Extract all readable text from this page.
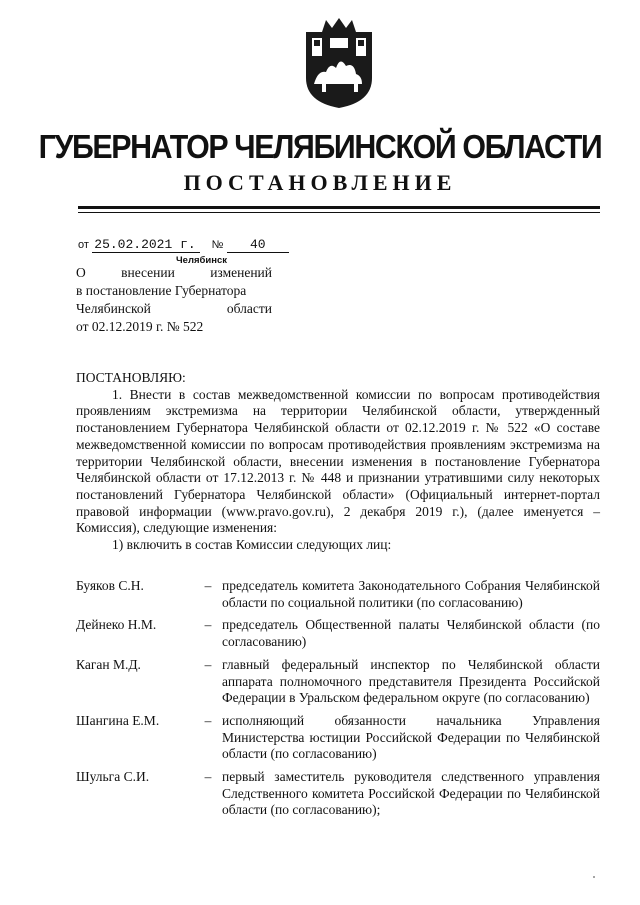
ГУБЕРНАТОР ЧЕЛЯБИНСКОЙ ОБЛАСТИ
ПОСТАНОВЛЕНИЕ
от 25.02.2021 г. № 40
Челябинск
О внесении изменений
в постановление Губернатора
Челябинской области
от 02.12.2019 г. № 522

ПОСТАНОВЛЯЮ:

1. Внести в состав межведомственной комиссии по вопросам противодействия проявлениям экстремизма на территории Челябинской области, утвержденный постановлением Губернатора Челябинской области от 02.12.2019 г. № 522 «О составе межведомственной комиссии по вопросам противодействия проявлениям экстремизма на территории Челябинской области, внесении изменения в постановление Губернатора Челябинской области от 17.12.2013 г. № 448 и признании утратившими силу некоторых постановлений Губернатора Челябинской области» (Официальный интернет-портал правовой информации (www.pravo.gov.ru), 2 декабря 2019 г.), (далее именуется – Комиссия), следующие изменения:

1) включить в состав Комиссии следующих лиц:

Буяков С.Н.	– председатель комитета Законодательного Собрания Челябинской области по социальной политики (по согласованию)
Дейнеко Н.М.	– председатель Общественной палаты Челябинской области (по согласованию)
Каган М.Д.	– главный федеральный инспектор по Челябинской области аппарата полномочного представителя Президента Российской Федерации в Уральском федеральном округе (по согласованию)
Шангина Е.М.	– исполняющий обязанности начальника Управления Министерства юстиции Российской Федерации по Челябинской области (по согласованию)
Шульга С.И.	– первый заместитель руководителя следственного управления Следственного комитета Российской Федерации по Челябинской области (по согласованию);
